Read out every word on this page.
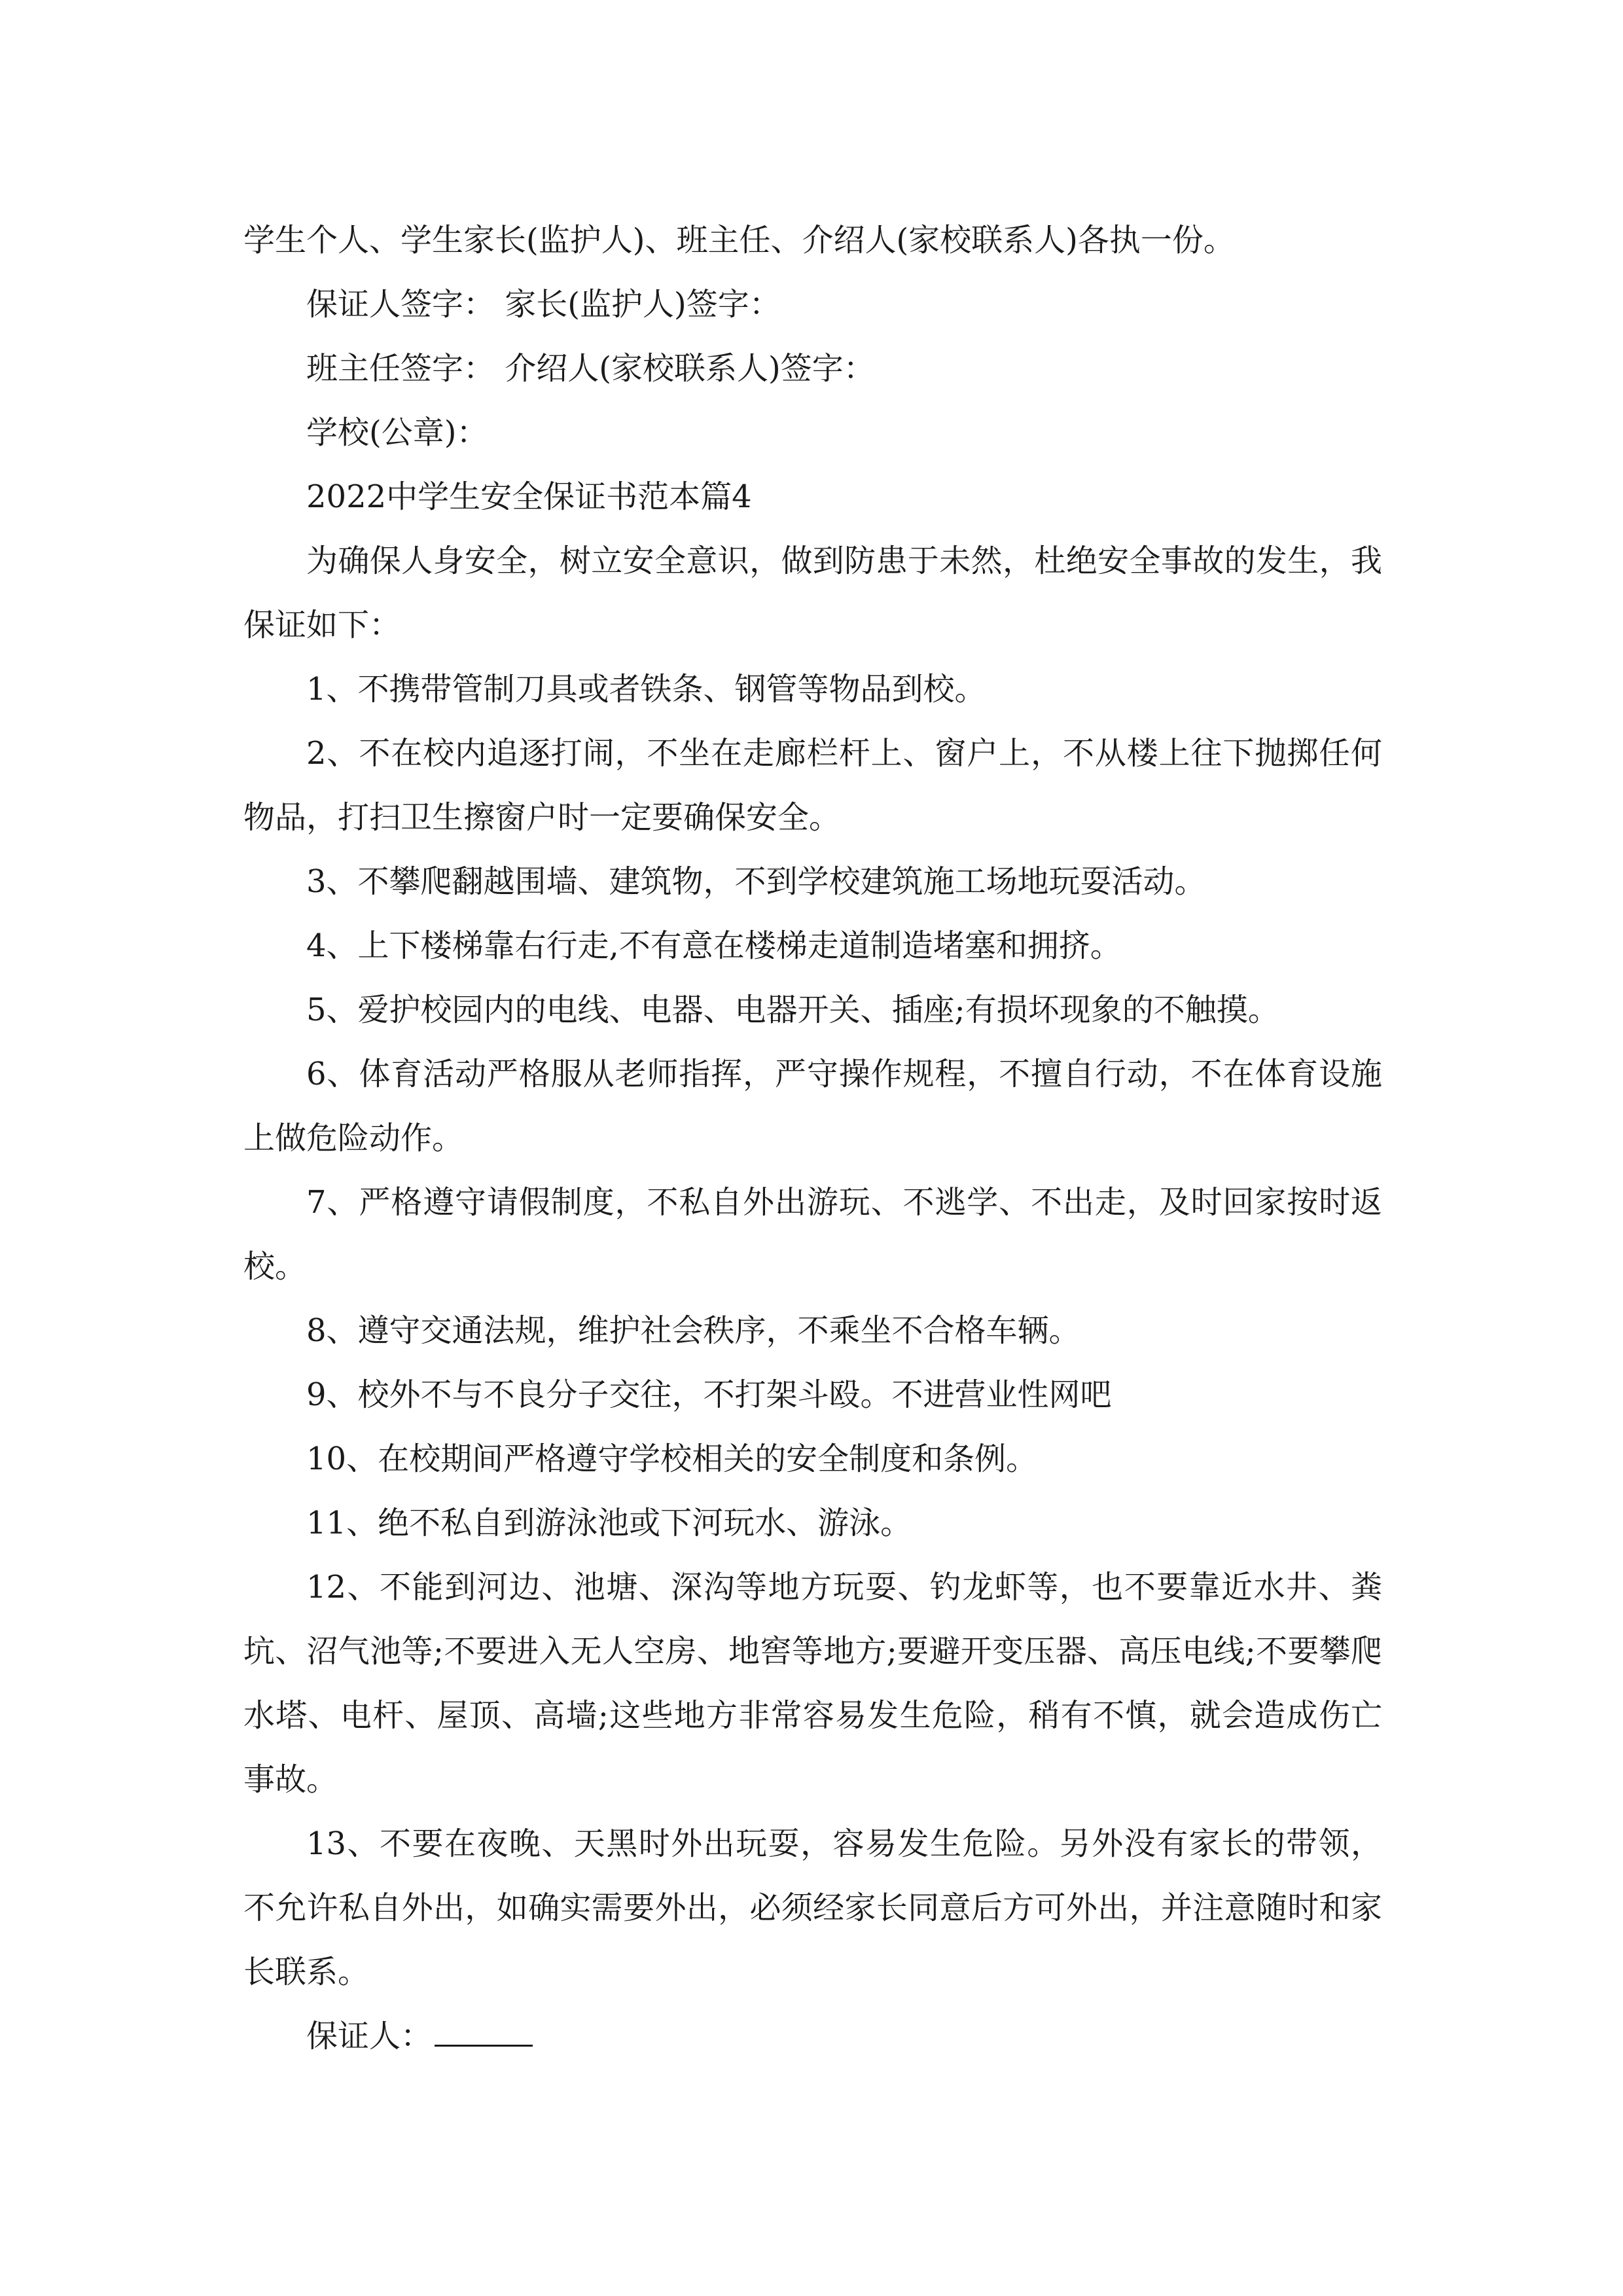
学生个人、学生家长(监护人)、班主任、介绍人(家校联系人)各执一份。

保证人签字： 家长(监护人)签字：

班主任签字： 介绍人(家校联系人)签字：

学校(公章)：

2022中学生安全保证书范本篇4

为确保人身安全，树立安全意识，做到防患于未然，杜绝安全事故的发生，我保证如下：

1、不携带管制刀具或者铁条、钢管等物品到校。

2、不在校内追逐打闹，不坐在走廊栏杆上、窗户上，不从楼上往下抛掷任何物品，打扫卫生擦窗户时一定要确保安全。

3、不攀爬翻越围墙、建筑物，不到学校建筑施工场地玩耍活动。

4、上下楼梯靠右行走,不有意在楼梯走道制造堵塞和拥挤。

5、爱护校园内的电线、电器、电器开关、插座;有损坏现象的不触摸。

6、体育活动严格服从老师指挥，严守操作规程，不擅自行动，不在体育设施上做危险动作。

7、严格遵守请假制度，不私自外出游玩、不逃学、不出走，及时回家按时返校。

8、遵守交通法规，维护社会秩序，不乘坐不合格车辆。

9、校外不与不良分子交往，不打架斗殴。不进营业性网吧

10、在校期间严格遵守学校相关的安全制度和条例。

11、绝不私自到游泳池或下河玩水、游泳。

12、不能到河边、池塘、深沟等地方玩耍、钓龙虾等，也不要靠近水井、粪坑、沼气池等;不要进入无人空房、地窖等地方;要避开变压器、高压电线;不要攀爬水塔、电杆、屋顶、高墙;这些地方非常容易发生危险，稍有不慎，就会造成伤亡事故。

13、不要在夜晚、天黑时外出玩耍，容易发生危险。另外没有家长的带领，不允许私自外出，如确实需要外出，必须经家长同意后方可外出，并注意随时和家长联系。

保证人：
